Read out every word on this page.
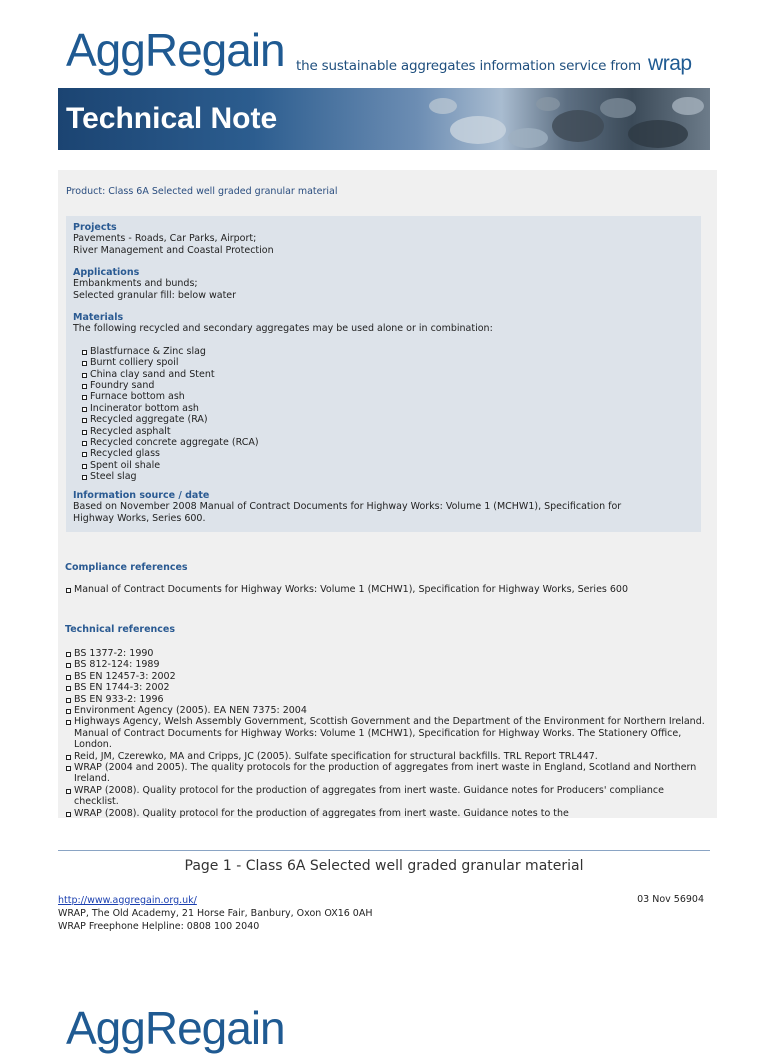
AggRegain the sustainable aggregates information service from wrap
Technical Note
Product: Class 6A Selected well graded granular material
Projects
Pavements - Roads, Car Parks, Airport;
River Management and Coastal Protection
Applications
Embankments and bunds;
Selected granular fill: below water
Materials
The following recycled and secondary aggregates may be used alone or in combination:
Blastfurnace & Zinc slag
Burnt colliery spoil
China clay sand and Stent
Foundry sand
Furnace bottom ash
Incinerator bottom ash
Recycled aggregate (RA)
Recycled asphalt
Recycled concrete aggregate (RCA)
Recycled glass
Spent oil shale
Steel slag
Information source / date
Based on November 2008 Manual of Contract Documents for Highway Works: Volume 1 (MCHW1), Specification for
Highway Works, Series 600.
Compliance references
Manual of Contract Documents for Highway Works: Volume 1 (MCHW1), Specification for Highway Works, Series 600
Technical references
BS 1377-2: 1990
BS 812-124: 1989
BS EN 12457-3: 2002
BS EN 1744-3: 2002
BS EN 933-2: 1996
Environment Agency (2005). EA NEN 7375: 2004
Highways Agency, Welsh Assembly Government, Scottish Government and the Department of the Environment for Northern Ireland. Manual of Contract Documents for Highway Works: Volume 1 (MCHW1), Specification for Highway Works. The Stationery Office, London.
Reid, JM, Czerewko, MA and Cripps, JC (2005). Sulfate specification for structural backfills. TRL Report TRL447.
WRAP (2004 and 2005). The quality protocols for the production of aggregates from inert waste in England, Scotland and Northern Ireland.
WRAP (2008). Quality protocol for the production of aggregates from inert waste. Guidance notes for Producers' compliance checklist.
WRAP (2008). Quality protocol for the production of aggregates from inert waste. Guidance notes to the
Page 1 - Class 6A Selected well graded granular material
http://www.aggregain.org.uk/
WRAP, The Old Academy, 21 Horse Fair, Banbury, Oxon OX16 0AH
WRAP Freephone Helpline: 0808 100 2040
03 Nov 56904
AggRegain
